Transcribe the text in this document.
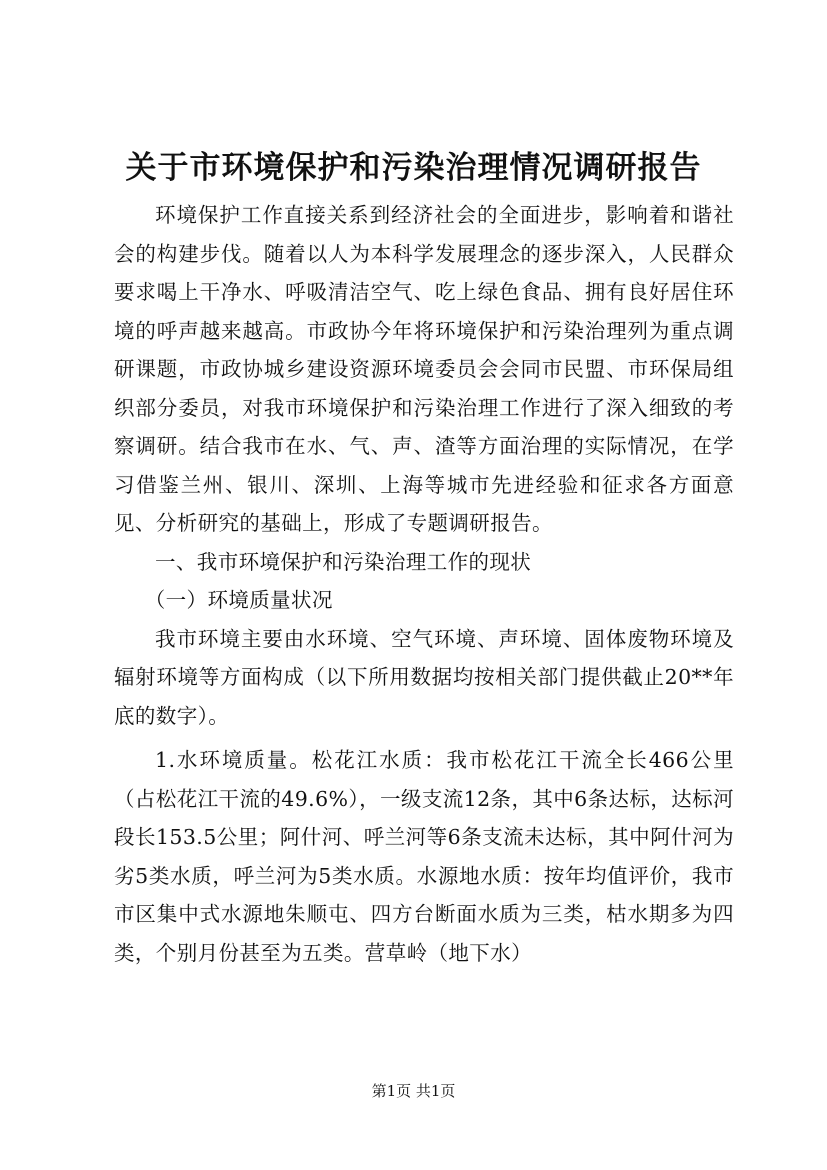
关于市环境保护和污染治理情况调研报告

环境保护工作直接关系到经济社会的全面进步，影响着和谐社会的构建步伐。随着以人为本科学发展理念的逐步深入，人民群众要求喝上干净水、呼吸清洁空气、吃上绿色食品、拥有良好居住环境的呼声越来越高。市政协今年将环境保护和污染治理列为重点调研课题，市政协城乡建设资源环境委员会会同市民盟、市环保局组织部分委员，对我市环境保护和污染治理工作进行了深入细致的考察调研。结合我市在水、气、声、渣等方面治理的实际情况，在学习借鉴兰州、银川、深圳、上海等城市先进经验和征求各方面意见、分析研究的基础上，形成了专题调研报告。

一、我市环境保护和污染治理工作的现状

（一）环境质量状况

我市环境主要由水环境、空气环境、声环境、固体废物环境及辐射环境等方面构成（以下所用数据均按相关部门提供截止20**年底的数字）。

1.水环境质量。松花江水质：我市松花江干流全长466公里（占松花江干流的49.6%），一级支流12条，其中6条达标，达标河段长153.5公里；阿什河、呼兰河等6条支流未达标，其中阿什河为劣5类水质，呼兰河为5类水质。水源地水质：按年均值评价，我市市区集中式水源地朱顺屯、四方台断面水质为三类，枯水期多为四类，个别月份甚至为五类。营草岭（地下水）

第1页 共1页
